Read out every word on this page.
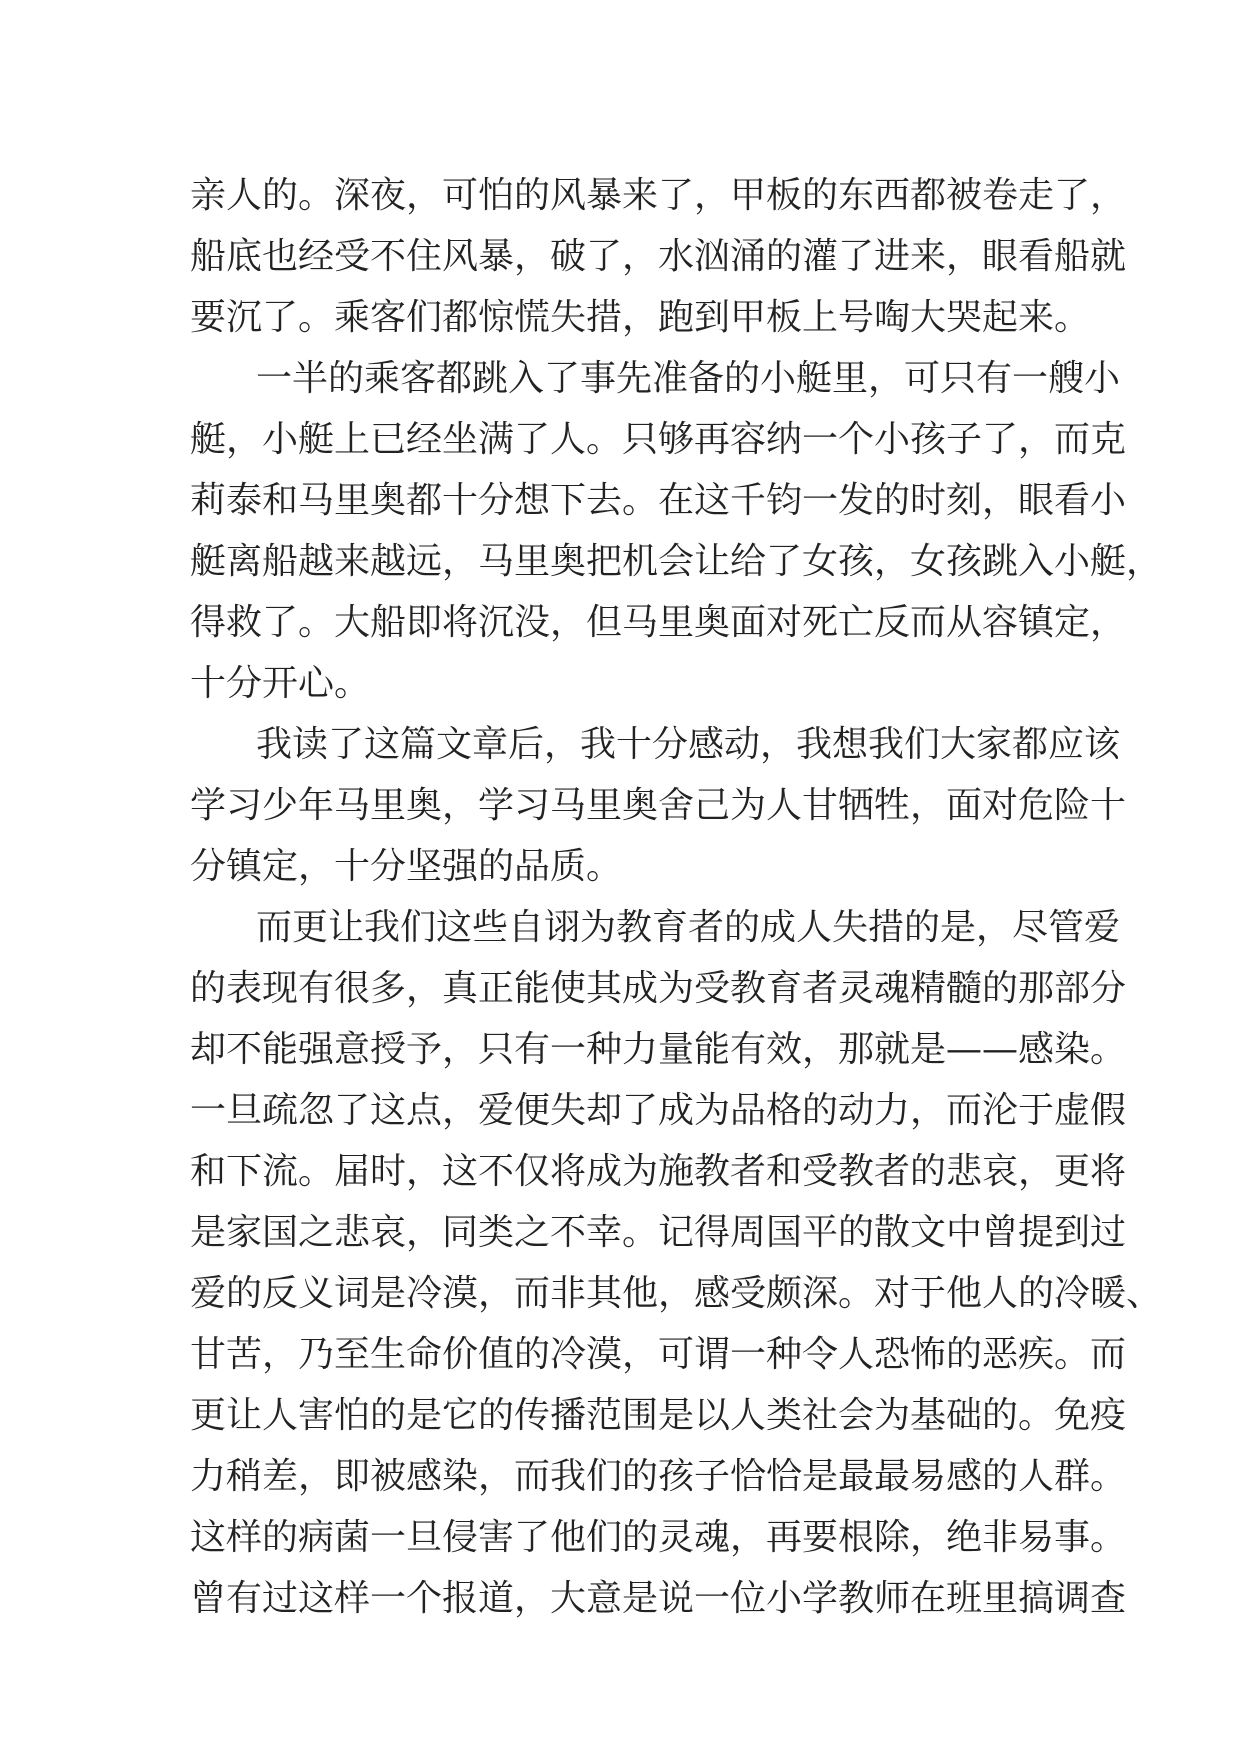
亲人的。深夜，可怕的风暴来了，甲板的东西都被卷走了，
船底也经受不住风暴，破了，水汹涌的灌了进来，眼看船就
要沉了。乘客们都惊慌失措，跑到甲板上号啕大哭起来。
一半的乘客都跳入了事先准备的小艇里，可只有一艘小
艇，小艇上已经坐满了人。只够再容纳一个小孩子了，而克
莉泰和马里奥都十分想下去。在这千钧一发的时刻，眼看小
艇离船越来越远，马里奥把机会让给了女孩，女孩跳入小艇，
得救了。大船即将沉没，但马里奥面对死亡反而从容镇定，
十分开心。
我读了这篇文章后，我十分感动，我想我们大家都应该
学习少年马里奥，学习马里奥舍己为人甘牺牲，面对危险十
分镇定，十分坚强的品质。
而更让我们这些自诩为教育者的成人失措的是，尽管爱
的表现有很多，真正能使其成为受教育者灵魂精髓的那部分
却不能强意授予，只有一种力量能有效，那就是——感染。
一旦疏忽了这点，爱便失却了成为品格的动力，而沦于虚假
和下流。届时，这不仅将成为施教者和受教者的悲哀，更将
是家国之悲哀，同类之不幸。记得周国平的散文中曾提到过
爱的反义词是冷漠，而非其他，感受颇深。对于他人的冷暖、
甘苦，乃至生命价值的冷漠，可谓一种令人恐怖的恶疾。而
更让人害怕的是它的传播范围是以人类社会为基础的。免疫
力稍差，即被感染，而我们的孩子恰恰是最最易感的人群。
这样的病菌一旦侵害了他们的灵魂，再要根除，绝非易事。
曾有过这样一个报道，大意是说一位小学教师在班里搞调查
